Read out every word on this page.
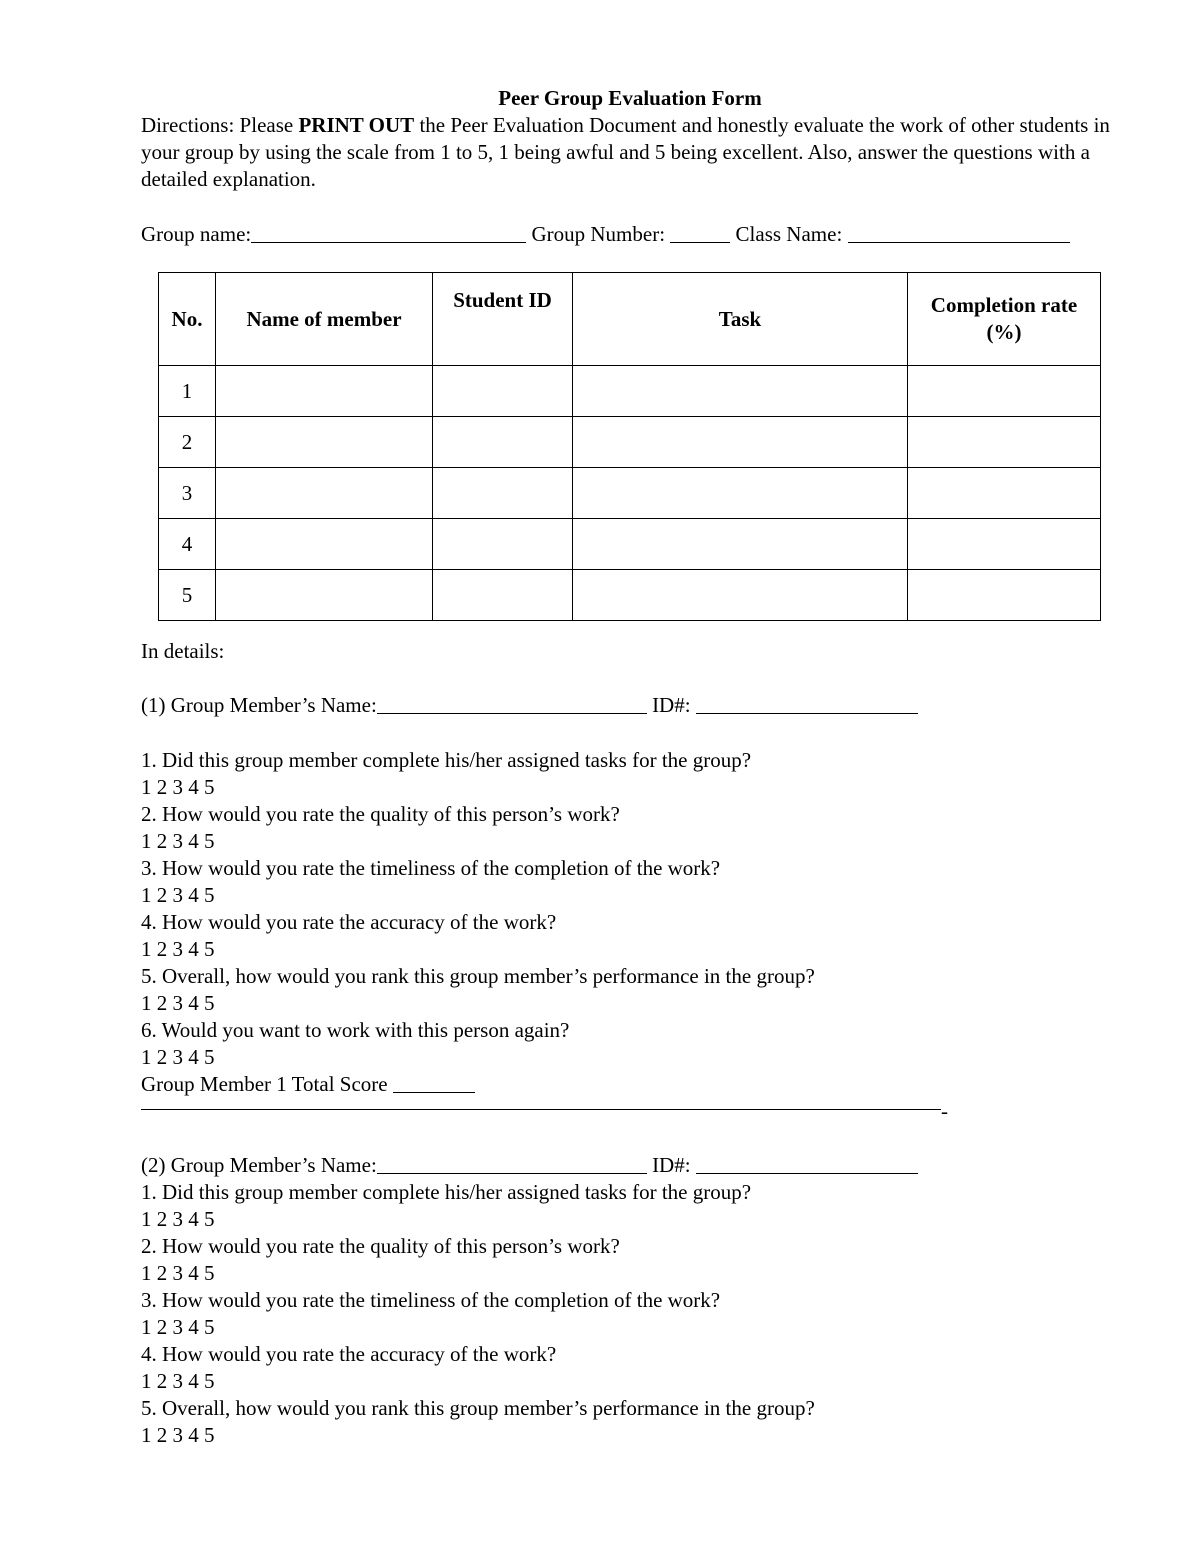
Peer Group Evaluation Form
Directions: Please PRINT OUT the Peer Evaluation Document and honestly evaluate the work of other students in your group by using the scale from 1 to 5, 1 being awful and 5 being excellent. Also, answer the questions with a detailed explanation.
Group name:	Group Number:	Class Name:
No.	Name of member	Student ID	Task	Completion rate
(%)
1				
2				
3				
4				
5				
In details:
(1) Group Member’s Name:	ID#:
1. Did this group member complete his/her assigned tasks for the group?
1 2 3 4 5
2. How would you rate the quality of this person’s work?
1 2 3 4 5
3. How would you rate the timeliness of the completion of the work?
1 2 3 4 5
4. How would you rate the accuracy of the work?
1 2 3 4 5
5. Overall, how would you rank this group member’s performance in the group?
1 2 3 4 5
6. Would you want to work with this person again?
1 2 3 4 5
Group Member 1 Total Score
-
(2) Group Member’s Name:	ID#:
1. Did this group member complete his/her assigned tasks for the group?
1 2 3 4 5
2. How would you rate the quality of this person’s work?
1 2 3 4 5
3. How would you rate the timeliness of the completion of the work?
1 2 3 4 5
4. How would you rate the accuracy of the work?
1 2 3 4 5
5. Overall, how would you rank this group member’s performance in the group?
1 2 3 4 5
